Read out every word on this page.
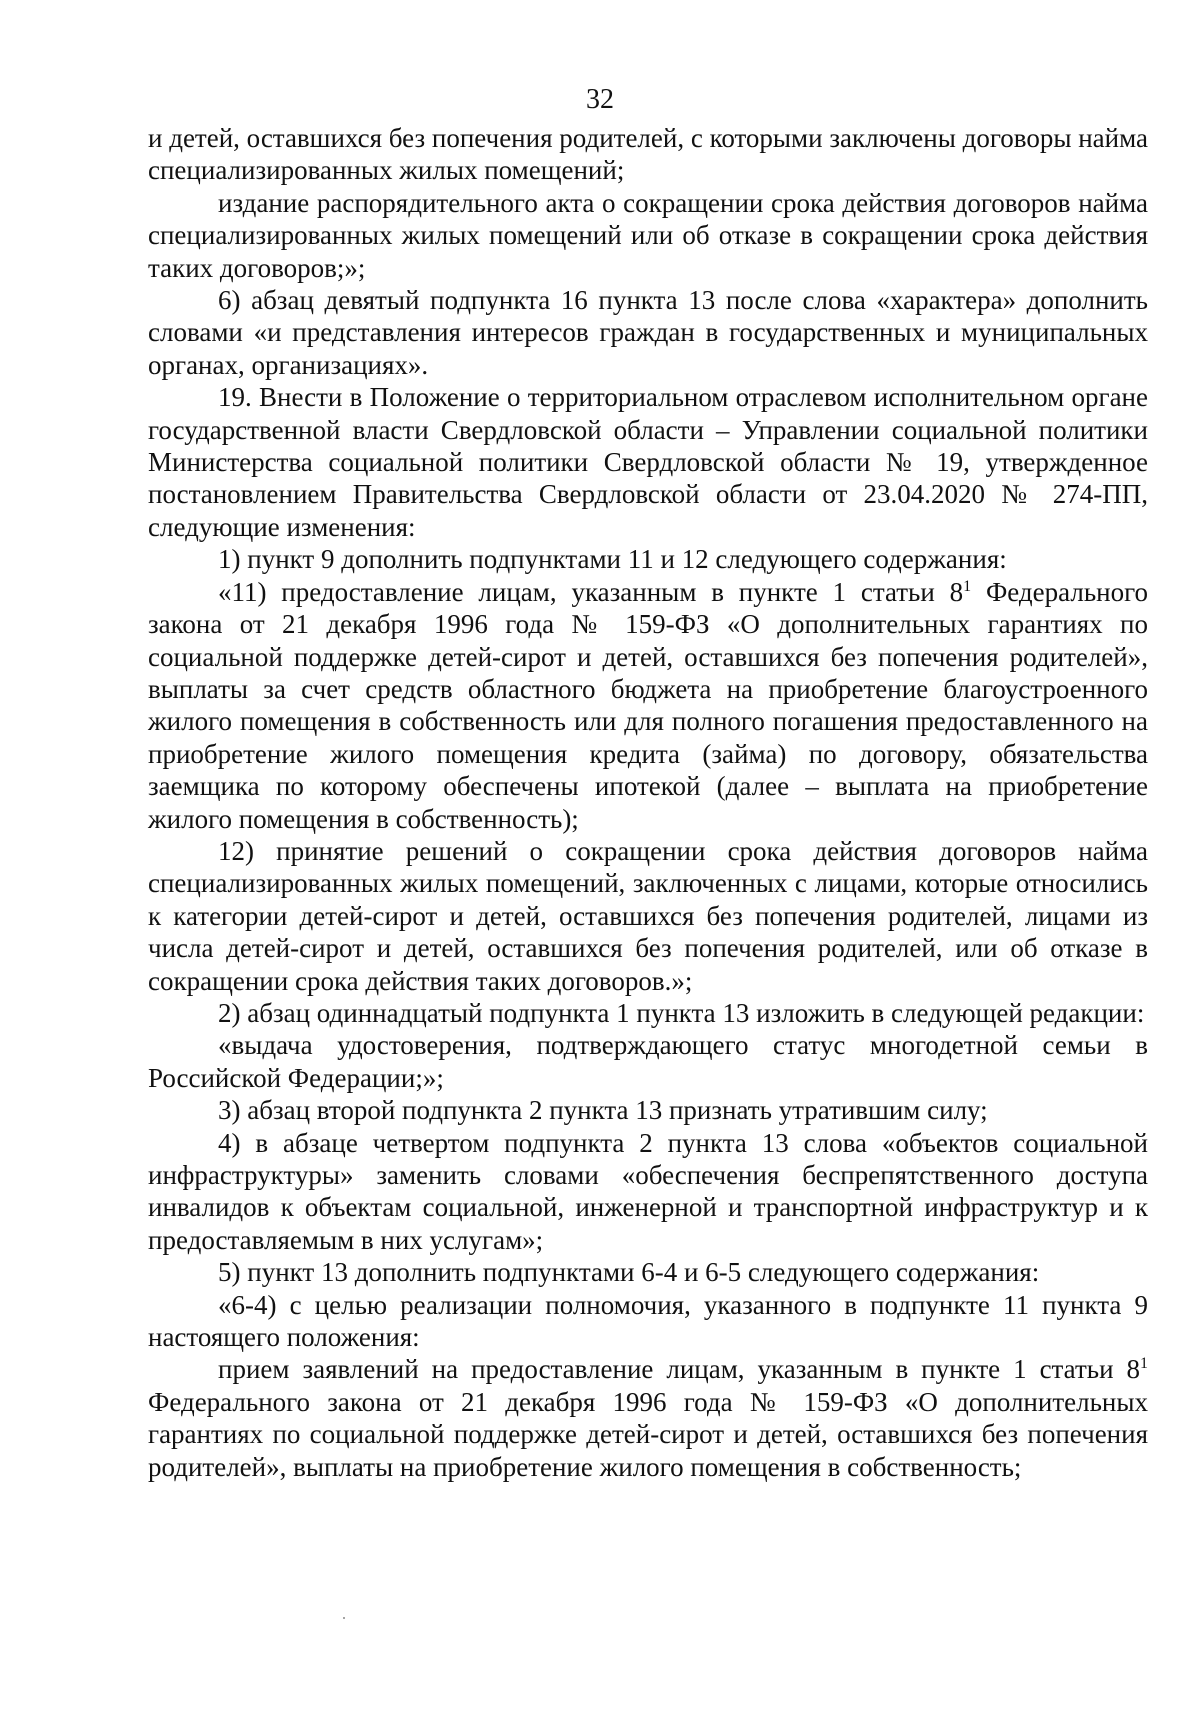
32

и детей, оставшихся без попечения родителей, с которыми заключены договоры найма специализированных жилых помещений;

издание распорядительного акта о сокращении срока действия договоров найма специализированных жилых помещений или об отказе в сокращении срока действия таких договоров;»;

6) абзац девятый подпункта 16 пункта 13 после слова «характера» дополнить словами «и представления интересов граждан в государственных и муниципальных органах, организациях».

19. Внести в Положение о территориальном отраслевом исполнительном органе государственной власти Свердловской области – Управлении социальной политики Министерства социальной политики Свердловской области № 19, утвержденное постановлением Правительства Свердловской области от 23.04.2020 № 274-ПП, следующие изменения:

1) пункт 9 дополнить подпунктами 11 и 12 следующего содержания:

«11) предоставление лицам, указанным в пункте 1 статьи $8^1$ Федерального закона от 21 декабря 1996 года № 159-ФЗ «О дополнительных гарантиях по социальной поддержке детей-сирот и детей, оставшихся без попечения родителей», выплаты за счет средств областного бюджета на приобретение благоустроенного жилого помещения в собственность или для полного погашения предоставленного на приобретение жилого помещения кредита (займа) по договору, обязательства заемщика по которому обеспечены ипотекой (далее – выплата на приобретение жилого помещения в собственность);

12) принятие решений о сокращении срока действия договоров найма специализированных жилых помещений, заключенных с лицами, которые относились к категории детей-сирот и детей, оставшихся без попечения родителей, лицами из числа детей-сирот и детей, оставшихся без попечения родителей, или об отказе в сокращении срока действия таких договоров.»;

2) абзац одиннадцатый подпункта 1 пункта 13 изложить в следующей редакции:

«выдача удостоверения, подтверждающего статус многодетной семьи в Российской Федерации;»;

3) абзац второй подпункта 2 пункта 13 признать утратившим силу;

4) в абзаце четвертом подпункта 2 пункта 13 слова «объектов социальной инфраструктуры» заменить словами «обеспечения беспрепятственного доступа инвалидов к объектам социальной, инженерной и транспортной инфраструктур и к предоставляемым в них услугам»;

5) пункт 13 дополнить подпунктами 6-4 и 6-5 следующего содержания:

«6-4) с целью реализации полномочия, указанного в подпункте 11 пункта 9 настоящего положения:

прием заявлений на предоставление лицам, указанным в пункте 1 статьи $8^1$ Федерального закона от 21 декабря 1996 года № 159-ФЗ «О дополнительных гарантиях по социальной поддержке детей-сирот и детей, оставшихся без попечения родителей», выплаты на приобретение жилого помещения в собственность;
